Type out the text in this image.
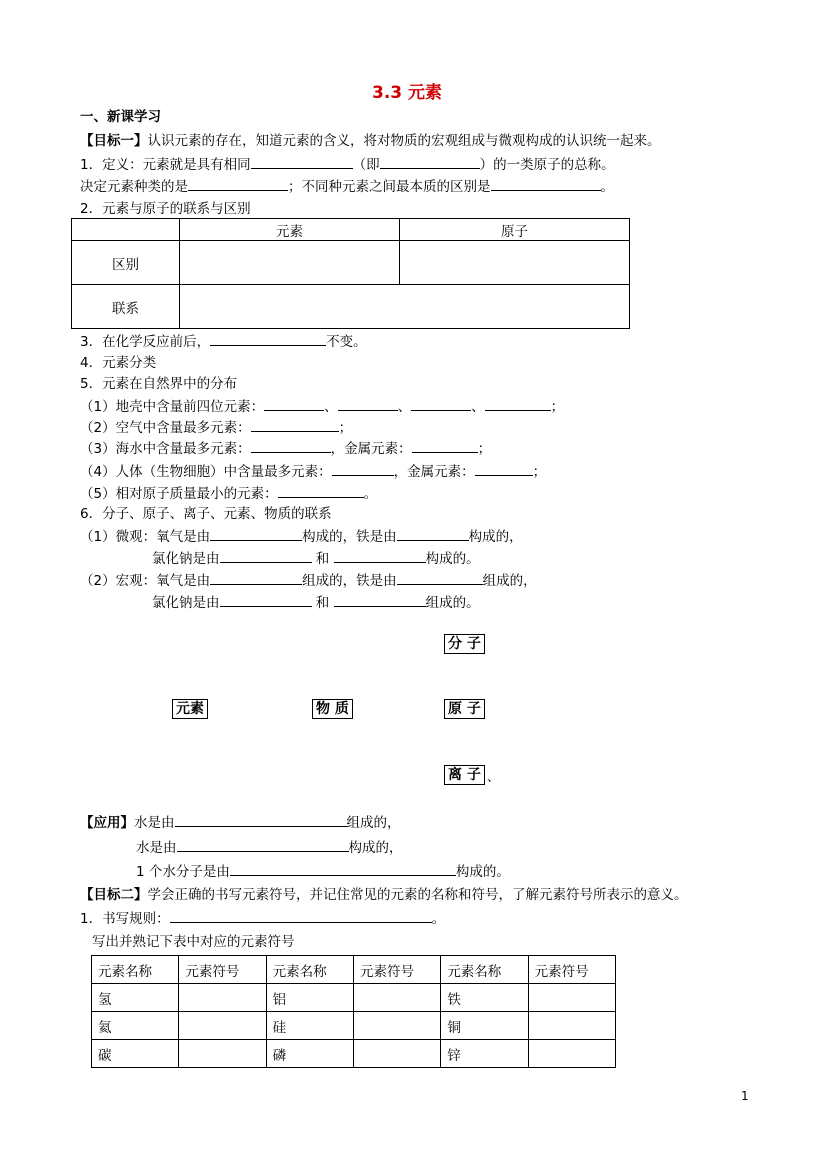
3.3 元素
一、新课学习
【目标一】认识元素的存在，知道元素的含义，将对物质的宏观组成与微观构成的认识统一起来。
1．定义：元素就是具有相同	（即	）的一类原子的总称。
决定元素种类的是	；不同种元素之间最本质的区别是	。
2．元素与原子的联系与区别
	元素	原子
区别		
联系		
3．在化学反应前后，	不变。
4．元素分类
5．元素在自然界中的分布
（1）地壳中含量前四位元素：	、	、	、	；
（2）空气中含量最多元素：	；
（3）海水中含量最多元素：	，金属元素：	；
（4）人体（生物细胞）中含量最多元素：	，金属元素：	；
（5）相对原子质量最小的元素：	。
6．分子、原子、离子、元素、物质的联系
（1）微观：氧气是由	构成的，铁是由	构成的，
氯化钠是由	和	构成的。
（2）宏观：氧气是由	组成的，铁是由	组成的，
氯化钠是由	和	组成的。
分 子
元素	物 质	原 子
离 子 、
【应用】水是由	组成的，
水是由	构成的，
1 个水分子是由	构成的。
【目标二】学会正确的书写元素符号，并记住常见的元素的名称和符号，了解元素符号所表示的意义。
1．书写规则：	。
写出并熟记下表中对应的元素符号
元素名称	元素符号	元素名称	元素符号	元素名称	元素符号
氢		铝		铁	
氦		硅		铜	
碳		磷		锌	
1
